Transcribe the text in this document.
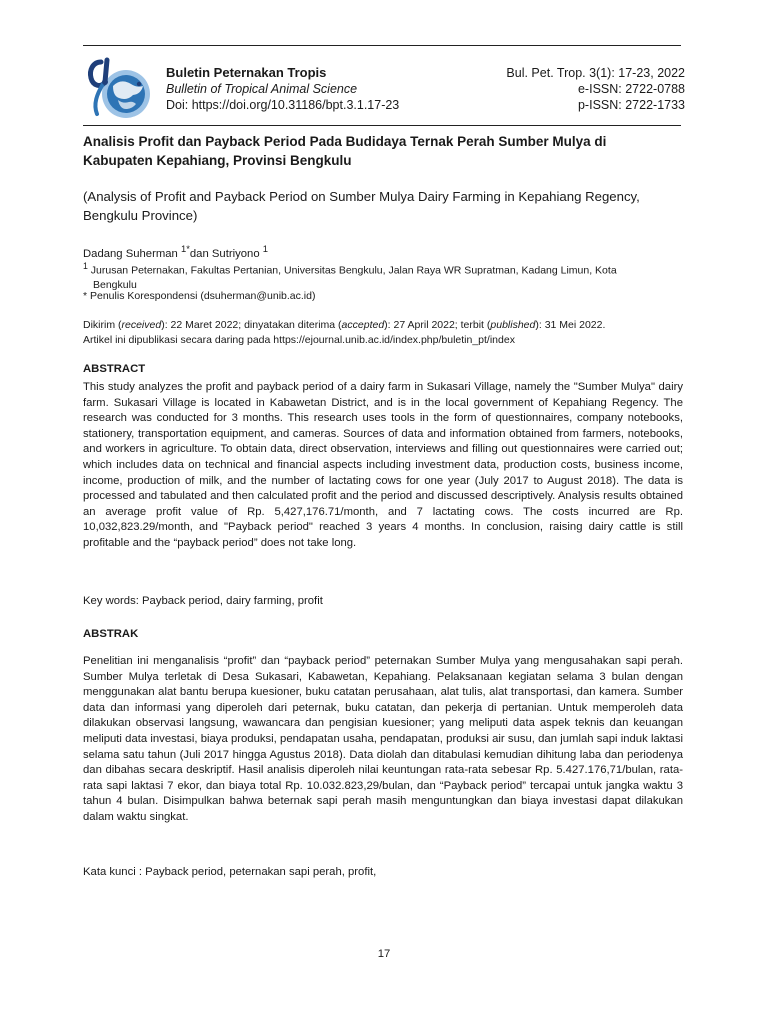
Buletin Peternakan Tropis
Bulletin of Tropical Animal Science
Doi: https://doi.org/10.31186/bpt.3.1.17-23
Bul. Pet. Trop. 3(1): 17-23, 2022
e-ISSN: 2722-0788
p-ISSN: 2722-1733
Analisis Profit dan Payback Period Pada Budidaya Ternak Perah Sumber Mulya di
Kabupaten Kepahiang, Provinsi Bengkulu
(Analysis of Profit and Payback Period on Sumber Mulya Dairy Farming in Kepahiang Regency,
Bengkulu Province)
Dadang Suherman $^{1*}$dan Sutriyono $^1$
$^1$ Jurusan Peternakan, Fakultas Pertanian, Universitas Bengkulu, Jalan Raya WR Supratman, Kadang Limun, Kota
Bengkulu
* Penulis Korespondensi (dsuherman@unib.ac.id)
Dikirim (received): 22 Maret 2022; dinyatakan diterima (accepted): 27 April 2022; terbit (published): 31 Mei 2022.
Artikel ini dipublikasi secara daring pada https://ejournal.unib.ac.id/index.php/buletin_pt/index
ABSTRACT
This study analyzes the profit and payback period of a dairy farm in Sukasari Village, namely the "Sumber Mulya" dairy farm. Sukasari Village is located in Kabawetan District, and is in the local government of Kepahiang Regency. The research was conducted for 3 months. This research uses tools in the form of questionnaires, company notebooks, stationery, transportation equipment, and cameras. Sources of data and information obtained from farmers, notebooks, and workers in agriculture. To obtain data, direct observation, interviews and filling out questionnaires were carried out; which includes data on technical and financial aspects including investment data, production costs, business income, income, production of milk, and the number of lactating cows for one year (July 2017 to August 2018). The data is processed and tabulated and then calculated profit and the period and discussed descriptively. Analysis results obtained an average profit value of Rp. 5,427,176.71/month, and 7 lactating cows. The costs incurred are Rp. 10,032,823.29/month, and "Payback period" reached 3 years 4 months. In conclusion, raising dairy cattle is still profitable and the “payback period” does not take long.
Key words: Payback period, dairy farming, profit
ABSTRAK
Penelitian ini menganalisis “profit” dan “payback period” peternakan Sumber Mulya yang mengusahakan sapi perah. Sumber Mulya terletak di Desa Sukasari, Kabawetan, Kepahiang. Pelaksanaan kegiatan selama 3 bulan dengan menggunakan alat bantu berupa kuesioner, buku catatan perusahaan, alat tulis, alat transportasi, dan kamera. Sumber data dan informasi yang diperoleh dari peternak, buku catatan, dan pekerja di pertanian. Untuk memperoleh data dilakukan observasi langsung, wawancara dan pengisian kuesioner; yang meliputi data aspek teknis dan keuangan meliputi data investasi, biaya produksi, pendapatan usaha, pendapatan, produksi air susu, dan jumlah sapi induk laktasi selama satu tahun (Juli 2017 hingga Agustus 2018). Data diolah dan ditabulasi kemudian dihitung laba dan periodenya dan dibahas secara deskriptif. Hasil analisis diperoleh nilai keuntungan rata-rata sebesar Rp. 5.427.176,71/bulan, rata-rata sapi laktasi 7 ekor, dan biaya total Rp. 10.032.823,29/bulan, dan “Payback period” tercapai untuk jangka waktu 3 tahun 4 bulan. Disimpulkan bahwa beternak sapi perah masih menguntungkan dan biaya investasi dapat dilakukan dalam waktu singkat.
Kata kunci : Payback period, peternakan sapi perah, profit,
17
